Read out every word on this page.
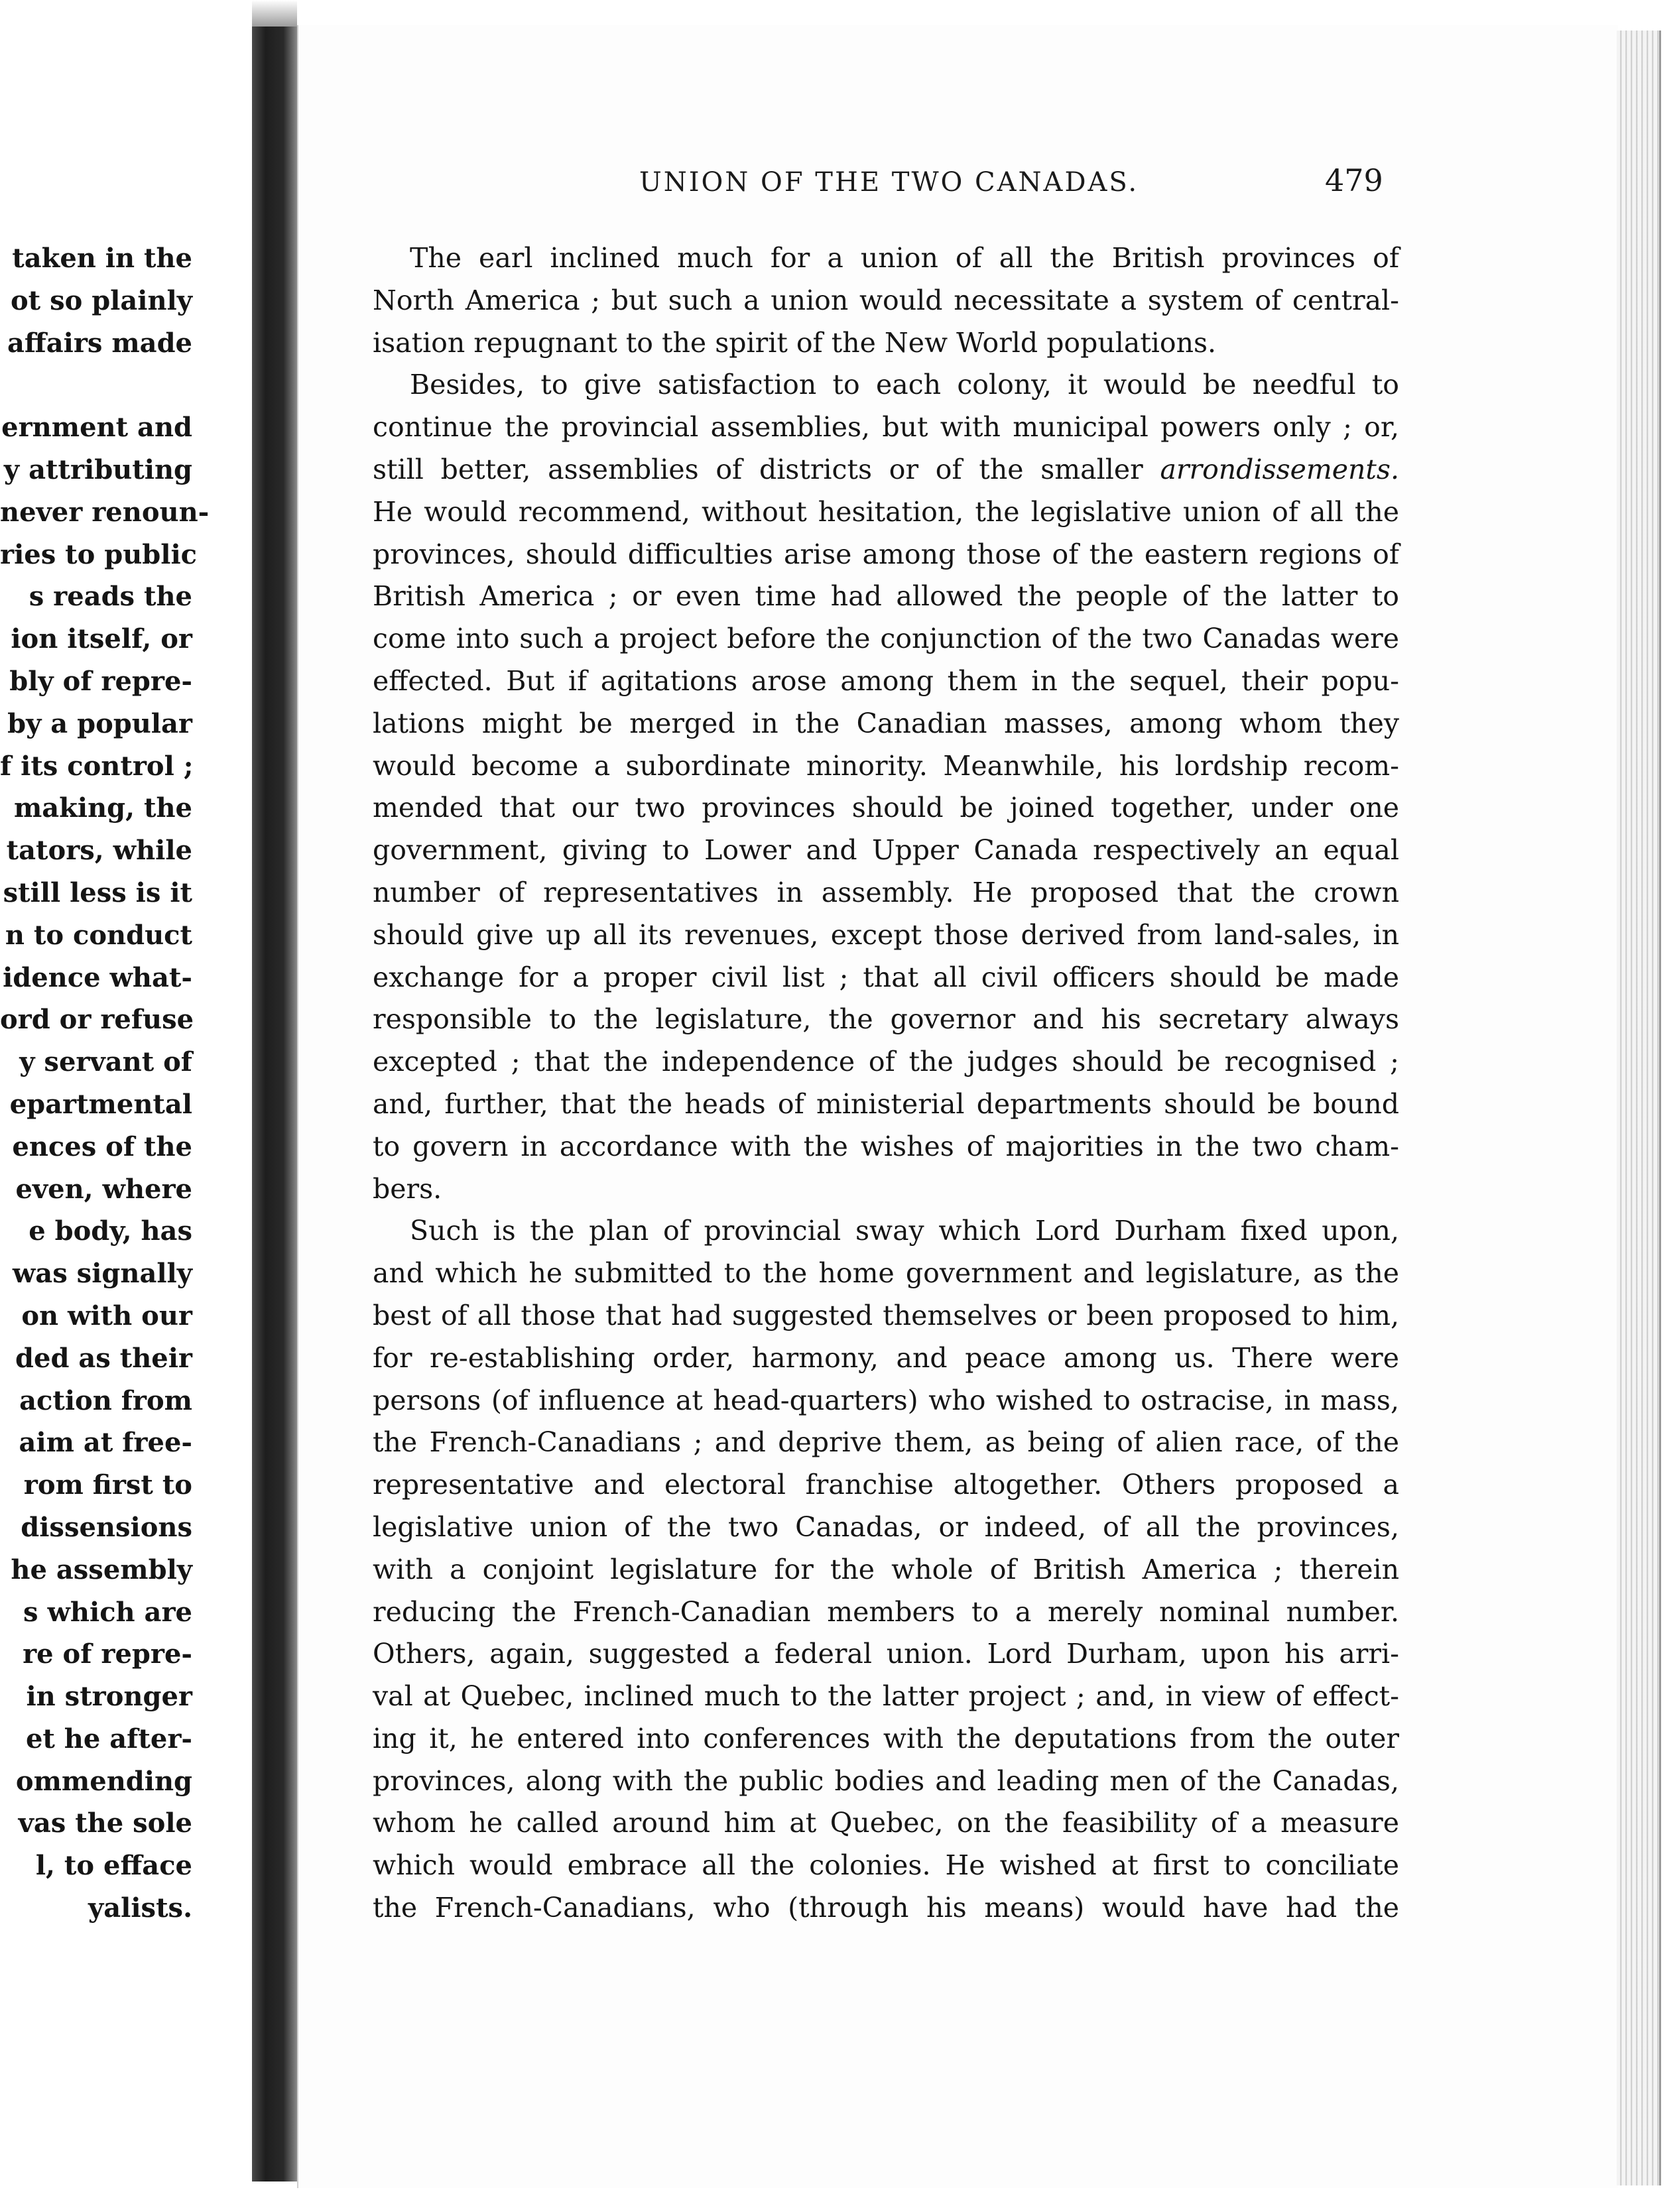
taken in the
ot so plainly
affairs made
ernment and
y attributing
never renoun-
ries to public
s reads the
ion itself, or
bly of repre-
by a popular
f its control ;
making, the
tators, while
still less is it
n to conduct
idence what-
ord or refuse
y servant of
epartmental
ences of the
even, where
e body, has
was signally
on with our
ded as their
action from
aim at free-
rom first to
dissensions
he assembly
s which are
re of repre-
in stronger
et he after-
ommending
vas the sole
l, to efface
yalists.
UNION OF THE TWO CANADAS.	479
The earl inclined much for a union of all the British provinces of
North America ; but such a union would necessitate a system of central-
isation repugnant to the spirit of the New World populations.
Besides, to give satisfaction to each colony, it would be needful to
continue the provincial assemblies, but with municipal powers only ; or,
still better, assemblies of districts or of the smaller arrondissements.
He would recommend, without hesitation, the legislative union of all the
provinces, should difficulties arise among those of the eastern regions of
British America ; or even time had allowed the people of the latter to
come into such a project before the conjunction of the two Canadas were
effected. But if agitations arose among them in the sequel, their popu-
lations might be merged in the Canadian masses, among whom they
would become a subordinate minority. Meanwhile, his lordship recom-
mended that our two provinces should be joined together, under one
government, giving to Lower and Upper Canada respectively an equal
number of representatives in assembly. He proposed that the crown
should give up all its revenues, except those derived from land-sales, in
exchange for a proper civil list ; that all civil officers should be made
responsible to the legislature, the governor and his secretary always
excepted ; that the independence of the judges should be recognised ;
and, further, that the heads of ministerial departments should be bound
to govern in accordance with the wishes of majorities in the two cham-
bers.
Such is the plan of provincial sway which Lord Durham fixed upon,
and which he submitted to the home government and legislature, as the
best of all those that had suggested themselves or been proposed to him,
for re-establishing order, harmony, and peace among us. There were
persons (of influence at head-quarters) who wished to ostracise, in mass,
the French-Canadians ; and deprive them, as being of alien race, of the
representative and electoral franchise altogether. Others proposed a
legislative union of the two Canadas, or indeed, of all the provinces,
with a conjoint legislature for the whole of British America ; therein
reducing the French-Canadian members to a merely nominal number.
Others, again, suggested a federal union. Lord Durham, upon his arri-
val at Quebec, inclined much to the latter project ; and, in view of effect-
ing it, he entered into conferences with the deputations from the outer
provinces, along with the public bodies and leading men of the Canadas,
whom he called around him at Quebec, on the feasibility of a measure
which would embrace all the colonies. He wished at first to conciliate
the French-Canadians, who (through his means) would have had the
